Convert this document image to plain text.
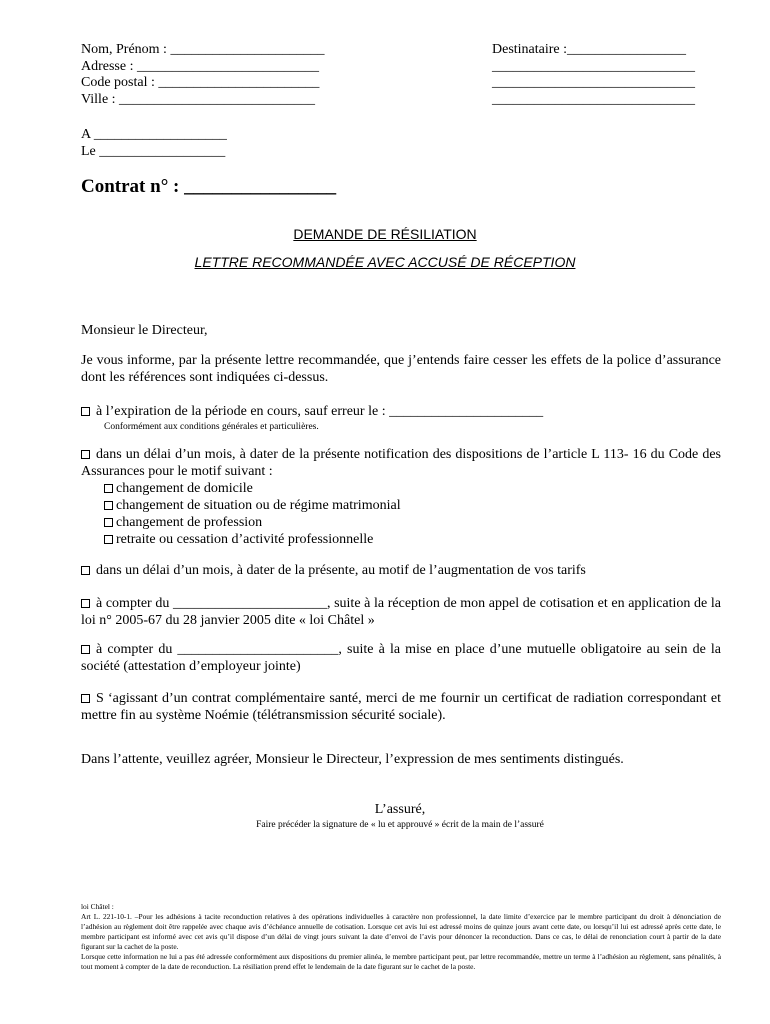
Nom, Prénom : ______________________
Adresse : __________________________
Code postal : _______________________
Ville : ____________________________
Destinataire :_________________
_____________________________
_____________________________
_____________________________
A ___________________
Le __________________
Contrat n° : ________________
DEMANDE DE RÉSILIATION
LETTRE RECOMMANDÉE AVEC ACCUSÉ DE RÉCEPTION
Monsieur le Directeur,
Je vous informe, par la présente lettre recommandée, que j’entends faire cesser les effets de la police d’assurance dont les références sont indiquées ci-dessus.
à l’expiration de la période en cours, sauf erreur le : ______________________
Conformément aux conditions générales et particulières.
dans un délai d’un mois, à dater de la présente notification des dispositions de l’article L 113- 16 du Code des Assurances pour le motif suivant :
changement de domicile
changement de situation ou de régime matrimonial
changement de profession
retraite ou cessation d’activité professionnelle
dans un délai d’un mois, à dater de la présente, au motif de l’augmentation de vos tarifs
à compter du ______________________, suite à la réception de mon appel de cotisation et en application de la loi n° 2005-67 du 28 janvier 2005 dite « loi Châtel »
à compter du _______________________, suite à la mise en place d’une mutuelle obligatoire au sein de la société (attestation d’employeur jointe)
S ‘agissant d’un contrat complémentaire santé, merci de me fournir un certificat de radiation correspondant et mettre fin au système Noémie (télétransmission sécurité sociale).
Dans l’attente, veuillez agréer, Monsieur le Directeur, l’expression de mes sentiments distingués.
L’assuré,
Faire précéder la signature de « lu et approuvé » écrit de la main de l’assuré
loi Châtel :
Art L. 221-10-1. –Pour les adhésions à tacite reconduction relatives à des opérations individuelles à caractère non professionnel, la date limite d’exercice par le membre participant du droit à dénonciation de l’adhésion au règlement doit être rappelée avec chaque avis d’échéance annuelle de cotisation. Lorsque cet avis lui est adressé moins de quinze jours avant cette date, ou lorsqu’il lui est adressé après cette date, le membre participant est informé avec cet avis qu’il dispose d’un délai de vingt jours suivant la date d’envoi de l’avis pour dénoncer la reconduction. Dans ce cas, le délai de renonciation court à partir de la date figurant sur la cachet de la poste.
Lorsque cette information ne lui a pas été adressée conformément aux dispositions du premier alinéa, le membre participant peut, par lettre recommandée, mettre un terme à l’adhésion au règlement, sans pénalités, à tout moment à compter de la date de reconduction. La résiliation prend effet le lendemain de la date figurant sur le cachet de la poste.
